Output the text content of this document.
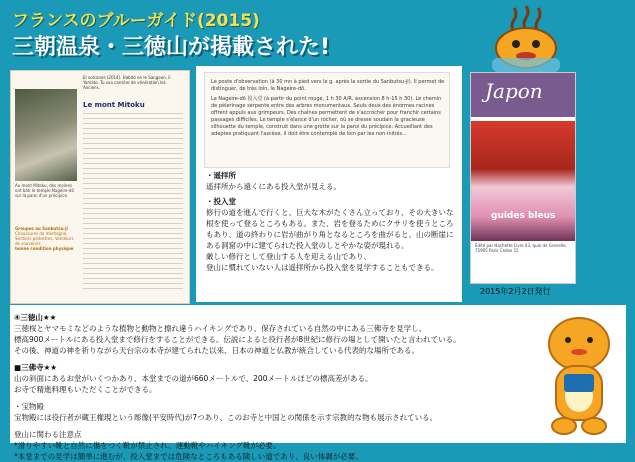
フランスのブルーガイド(2015)
三朝温泉・三徳山が掲載された!
El volcanes (2014). Habitó en le Sangeon, il Yamato. Tu sua carrière de vénération les Anciens.
Au mont Mitoku, des moines ont bâti le temple Nageire-dō sur la paroi d'un précipice.
Le mont Mitoku
Groupes au Sanbutsu-ji
Chaussures de montagne, Sentiers pédestres, Vendeurs de souvenirs
bonne condition physique
Le poste d'observation (à 30 mn à pied vers le g. après la sortie du Sanbutsu-ji). Il permet de distinguer, de très loin, le Nageire-dō.
Le Nageire-dō 投入堂 (à partir du point rouge, 1 h 30 A/R, ascension 8 h-15 h 30). Le chemin de pèlerinage serpente entre des arbres monumentaux. Seuls deux des énormes racines offrent appuis aux grimpeurs. Des chaînes permettent de s'accrocher pour franchir certains passages difficiles. Le temple s'élance d'un rocher, où se dresse soudain la gracieuse silhouette du temple, construit dans une grotte sur la paroi du précipice. Accueillant des adeptes pratiquant l'ascèse, il doit être contemplé de loin par les non-initiés...
・遥拝所
遥拝所から遠くにある投入堂が見える。
・投入堂
修行の道を進んで行くと、巨大な木がたくさん立っており、その大きいな根を使って登るところもある。また、岩を登るためにクサリを使うところもあり、道の終わりに岩が曲がり角となるところを曲がると、山の断崖にある洞窟の中に建てられた投入堂のしとやかな姿が現れる。
厳しい修行として登山する人を迎える山であり、
登山に慣れていない人は遥拝所から投入堂を見学することもできる。
Japon
guides bleus
Édité par Hachette Livre 43, quai de Grenelle, 75905 Paris Cedex 15
2015年2月2日発行
④三徳山★★
三徳桜とヤマモミなどのような植物と動物と擦れ違うハイキングであり、保存されている自然の中にある三佛寺を見学し、
標高900メートルにある投入堂まで修行をすることができる。伝説によると役行者が8世紀に修行の場として開いたと言われている。
その後、神道の神を祈りながら天台宗の本寺が建てられた以来、日本の神道と仏教が統合している代表的な場所である。
■三佛寺★★
山の斜面にあるお堂がいくつかあり、本堂までの道が660メートルで、200メートルほどの標高差がある。
お寺で精進料理もいただくことができる。
・宝物殿
宝物殿には役行者が蔵王権現という彫像(平安時代)が7つあり、このお寺と中国との関係を示す宗教的な物も展示されている。
登山に関わる注意点
*滑りやすい靴と自然に傷をつく靴が禁止され、運動靴やハイキング靴が必要。
*本堂までの見学は簡単に進むが、投入堂までは危険なところもある険しい道であり、良い体調が必要。
